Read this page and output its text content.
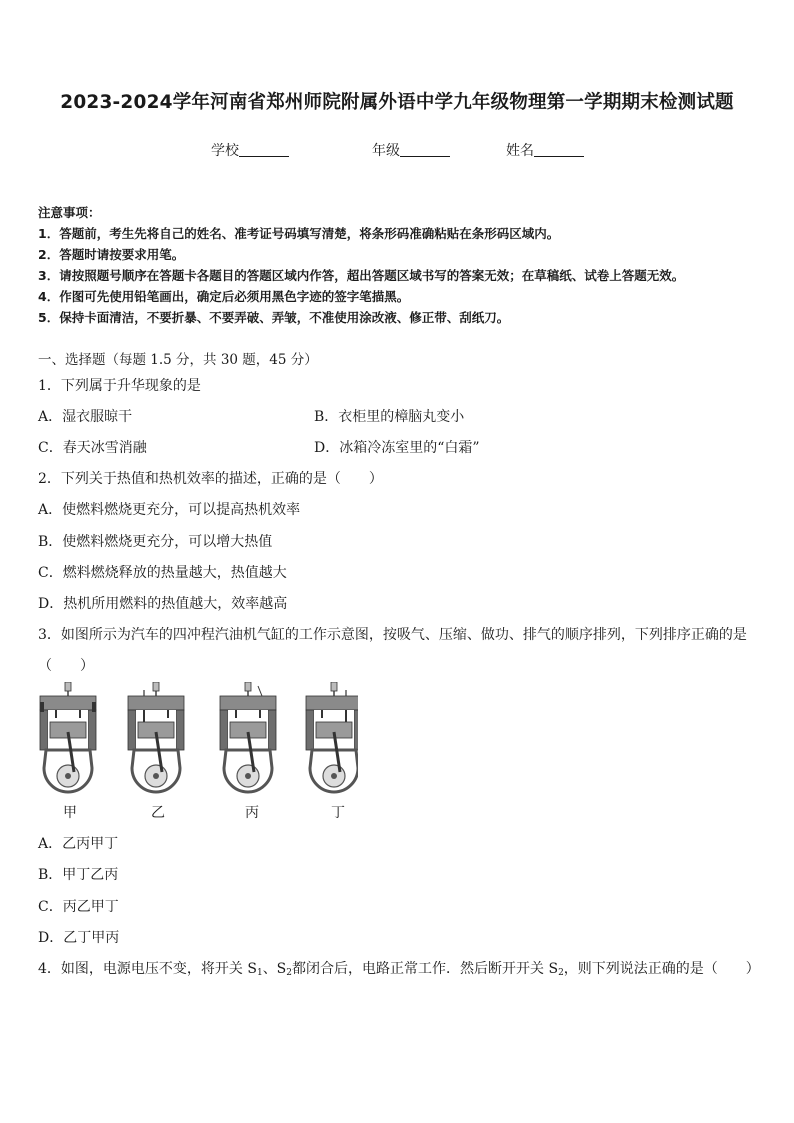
2023-2024学年河南省郑州师院附属外语中学九年级物理第一学期期末检测试题
学校	年级	姓名
注意事项：
1．答题前，考生先将自己的姓名、准考证号码填写清楚，将条形码准确粘贴在条形码区域内。
2．答题时请按要求用笔。
3．请按照题号顺序在答题卡各题目的答题区域内作答，超出答题区域书写的答案无效；在草稿纸、试卷上答题无效。
4．作图可先使用铅笔画出，确定后必须用黑色字迹的签字笔描黑。
5．保持卡面清洁，不要折暴、不要弄破、弄皱，不准使用涂改液、修正带、刮纸刀。
一、选择题（每题 1.5 分，共 30 题，45 分）
1．下列属于升华现象的是
A．湿衣服晾干	B．衣柜里的樟脑丸变小
C．春天冰雪消融	D．冰箱冷冻室里的“白霜”
2．下列关于热值和热机效率的描述，正确的是（　　）
A．使燃料燃烧更充分，可以提高热机效率
B．使燃料燃烧更充分，可以增大热值
C．燃料燃烧释放的热量越大，热值越大
D．热机所用燃料的热值越大，效率越高
3．如图所示为汽车的四冲程汽油机气缸的工作示意图，按吸气、压缩、做功、排气的顺序排列，下列排序正确的是
（　　）
甲	乙	丙	丁
A．乙丙甲丁
B．甲丁乙丙
C．丙乙甲丁
D．乙丁甲丙
4．如图，电源电压不变，将开关 $S_1$、$S_2$都闭合后，电路正常工作．然后断开开关 $S_2$，则下列说法正确的是（　　）
